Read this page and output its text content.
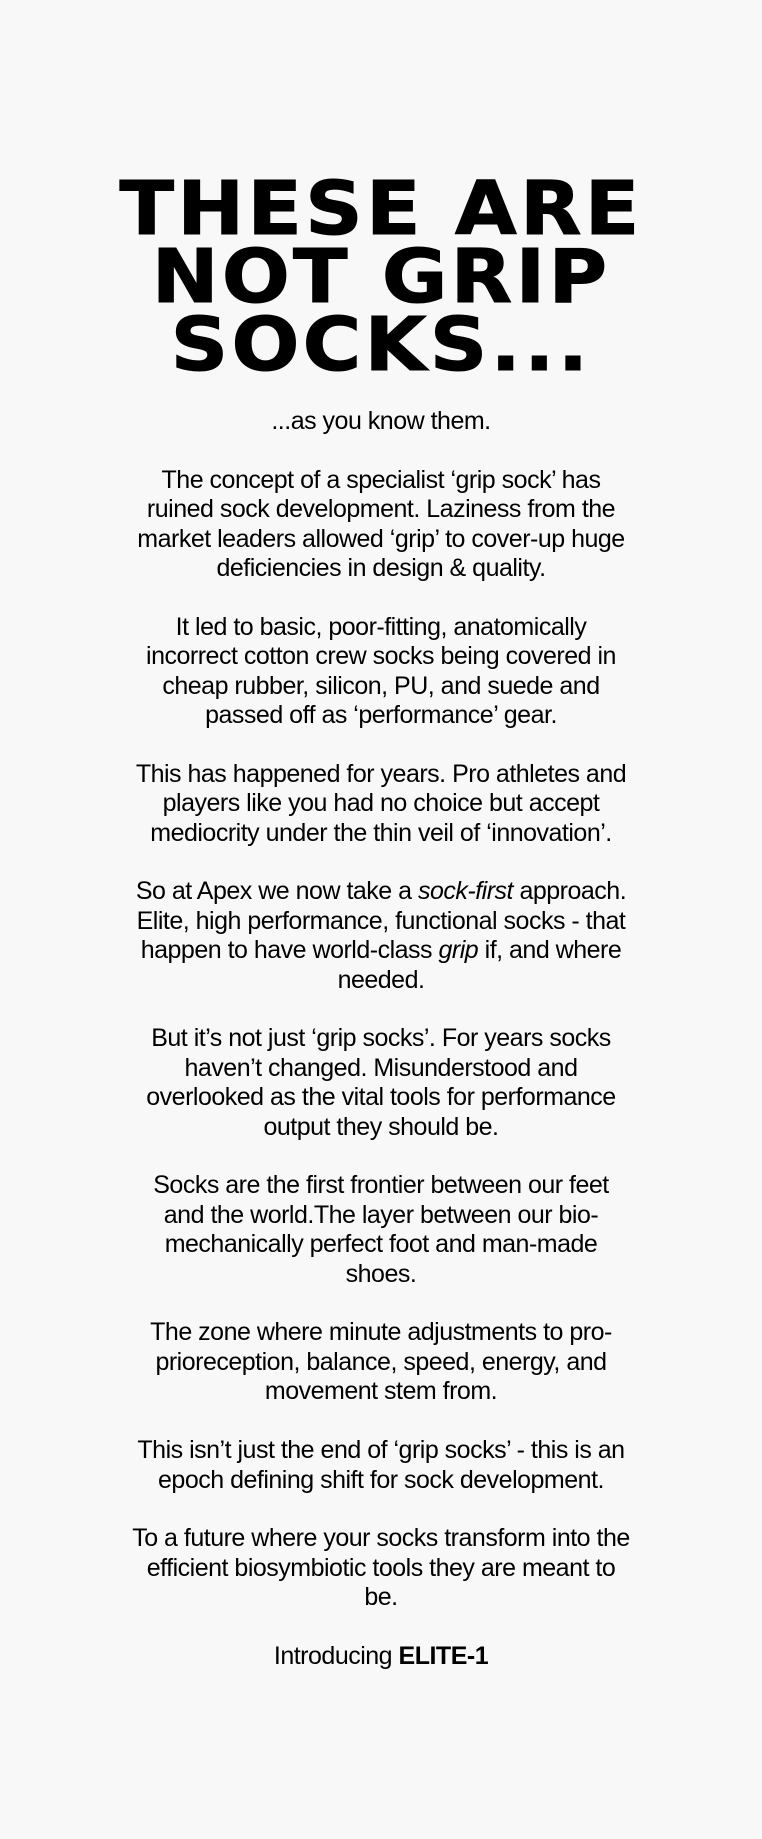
THESE ARE
NOT GRIP
SOCKS...

...as you know them.

The concept of a specialist ‘grip sock’ has ruined sock development. Laziness from the market leaders allowed ‘grip’ to cover-up huge deficiencies in design & quality.

It led to basic, poor-fitting, anatomically incorrect cotton crew socks being covered in cheap rubber, silicon, PU, and suede and passed off as ‘performance’ gear.

This has happened for years. Pro athletes and players like you had no choice but accept mediocrity under the thin veil of ‘innovation’.

So at Apex we now take a sock-first approach. Elite, high performance, functional socks - that happen to have world-class grip if, and where needed.

But it’s not just ‘grip socks’. For years socks haven’t changed. Misunderstood and overlooked as the vital tools for performance output they should be.

Socks are the first frontier between our feet and the world.The layer between our bio-mechanically perfect foot and man-made shoes.

The zone where minute adjustments to pro-prioreception, balance, speed, energy, and movement stem from.

This isn’t just the end of ‘grip socks’ - this is an epoch defining shift for sock development.

To a future where your socks transform into the efficient biosymbiotic tools they are meant to be.

Introducing ELITE-1
